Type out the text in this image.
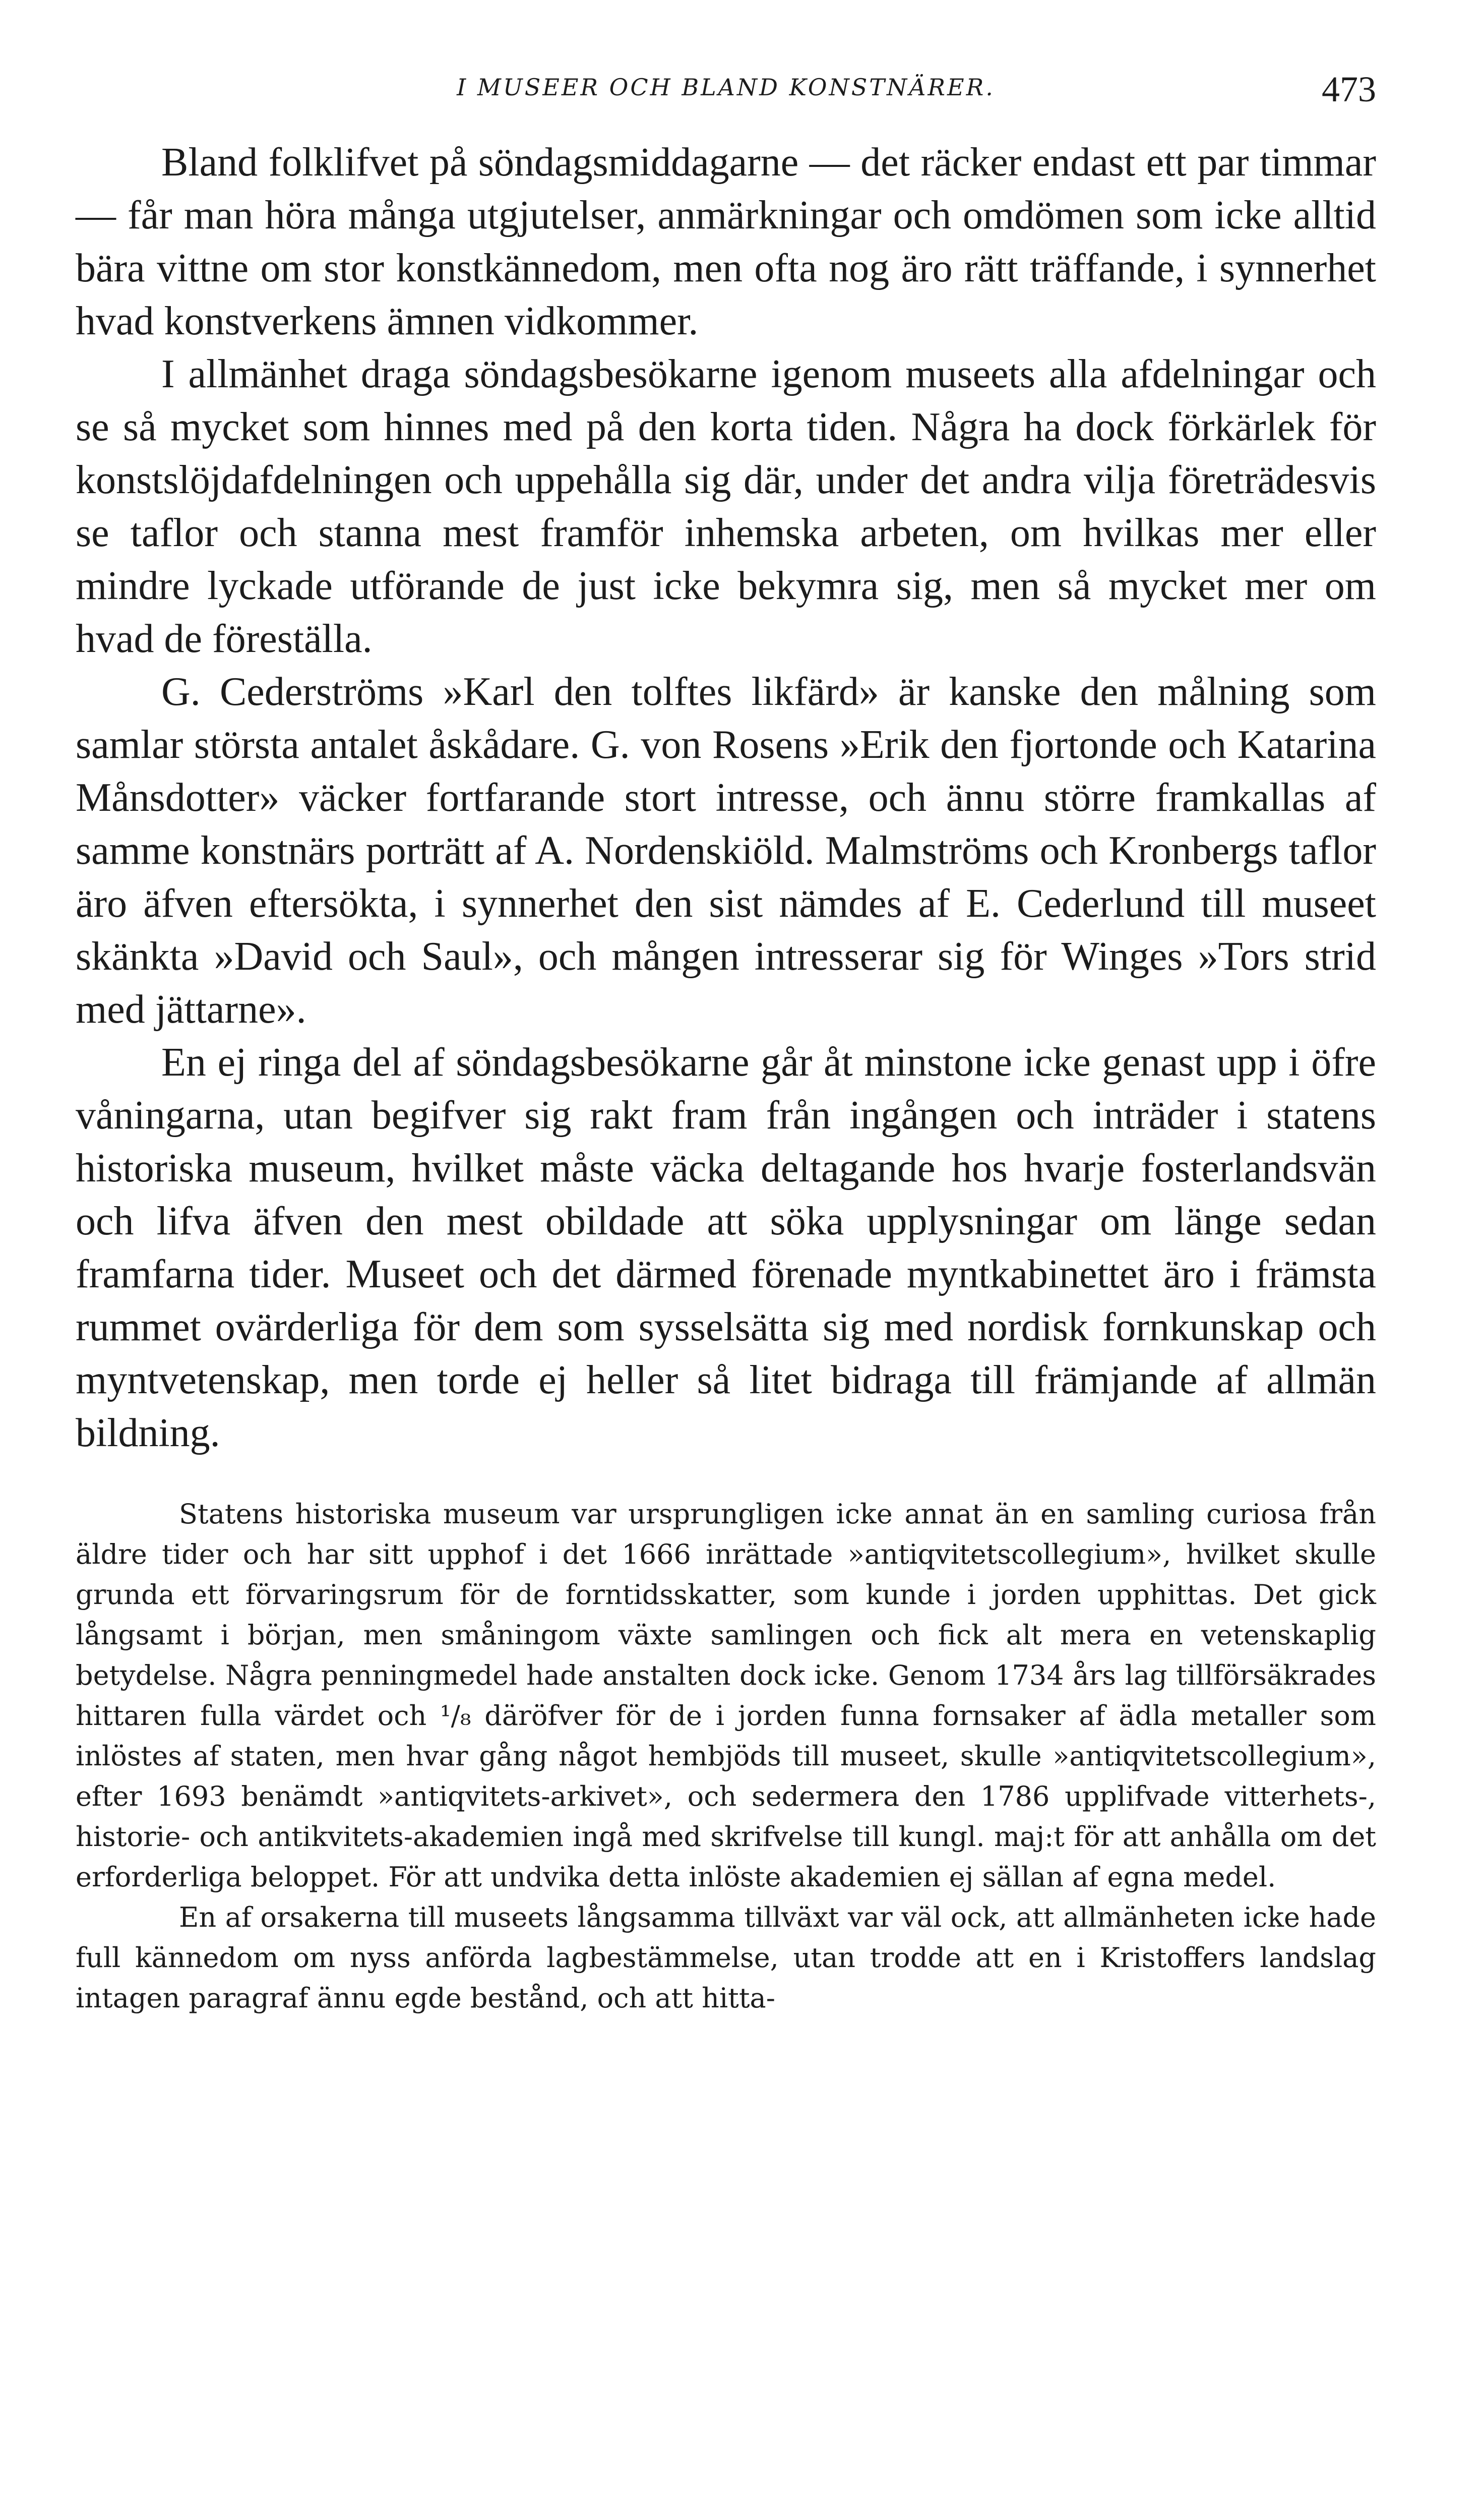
I MUSEER OCH BLAND KONSTNÄRER.	473

Bland folklifvet på söndagsmiddagarne — det räcker endast ett par timmar — får man höra många utgjutelser, anmärkningar och omdömen som icke alltid bära vittne om stor konstkännedom, men ofta nog äro rätt träffande, i synnerhet hvad konstverkens ämnen vidkommer.

I allmänhet draga söndagsbesökarne igenom museets alla afdelningar och se så mycket som hinnes med på den korta tiden. Några ha dock förkärlek för konstslöjdafdelningen och uppehålla sig där, under det andra vilja företrädesvis se taflor och stanna mest framför inhemska arbeten, om hvilkas mer eller mindre lyckade utförande de just icke bekymra sig, men så mycket mer om hvad de föreställa.

G. Cederströms »Karl den tolftes likfärd» är kanske den målning som samlar största antalet åskådare. G. von Rosens »Erik den fjortonde och Katarina Månsdotter» väcker fortfarande stort intresse, och ännu större framkallas af samme konstnärs porträtt af A. Nordenskiöld. Malmströms och Kronbergs taflor äro äfven eftersökta, i synnerhet den sist nämdes af E. Cederlund till museet skänkta »David och Saul», och mången intresserar sig för Winges »Tors strid med jättarne».

En ej ringa del af söndagsbesökarne går åt minstone icke genast upp i öfre våningarna, utan begifver sig rakt fram från ingången och inträder i statens historiska museum, hvilket måste väcka deltagande hos hvarje fosterlandsvän och lifva äfven den mest obildade att söka upplysningar om länge sedan framfarna tider. Museet och det därmed förenade myntkabinettet äro i främsta rummet ovärderliga för dem som sysselsätta sig med nordisk fornkunskap och myntvetenskap, men torde ej heller så litet bidraga till främjande af allmän bildning.

Statens historiska museum var ursprungligen icke annat än en samling curiosa från äldre tider och har sitt upphof i det 1666 inrättade »antiqvitetscollegium», hvilket skulle grunda ett förvaringsrum för de forntidsskatter, som kunde i jorden upphittas. Det gick långsamt i början, men småningom växte samlingen och fick alt mera en vetenskaplig betydelse. Några penningmedel hade anstalten dock icke. Genom 1734 års lag tillförsäkrades hittaren fulla värdet och ¹/₈ däröfver för de i jorden funna fornsaker af ädla metaller som inlöstes af staten, men hvar gång något hembjöds till museet, skulle »antiqvitetscollegium», efter 1693 benämdt »antiqvitets-arkivet», och sedermera den 1786 upplifvade vitterhets-, historie- och antikvitets-akademien ingå med skrifvelse till kungl. maj:t för att anhålla om det erforderliga beloppet. För att undvika detta inlöste akademien ej sällan af egna medel.

En af orsakerna till museets långsamma tillväxt var väl ock, att allmänheten icke hade full kännedom om nyss anförda lagbestämmelse, utan trodde att en i Kristoffers landslag intagen paragraf ännu egde bestånd, och att hitta-
